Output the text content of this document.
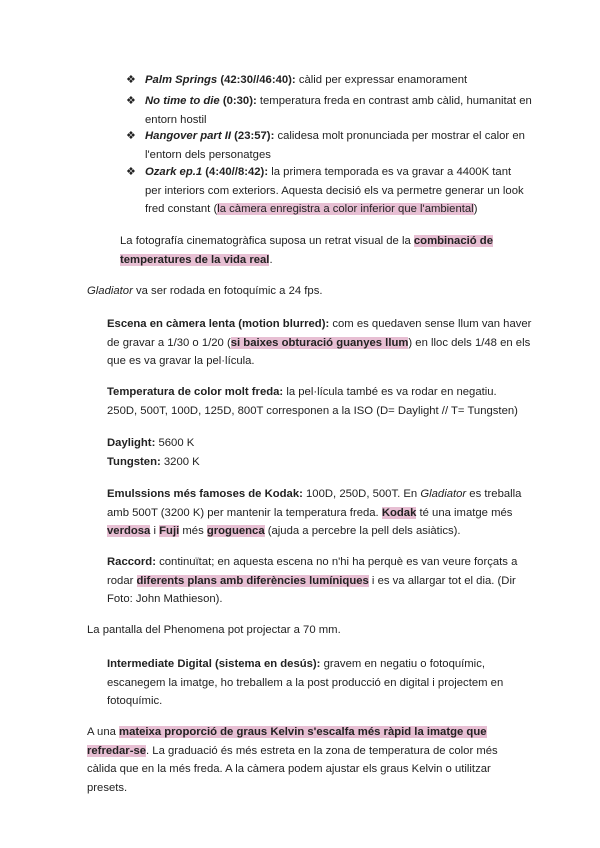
❖ Palm Springs (42:30//46:40): càlid per expressar enamorament
❖ No time to die (0:30): temperatura freda en contrast amb càlid, humanitat en entorn hostil
❖ Hangover part II (23:57): calidesa molt pronunciada per mostrar el calor en l'entorn dels personatges
❖ Ozark ep.1 (4:40//8:42): la primera temporada es va gravar a 4400K tant per interiors com exteriors. Aquesta decisió els va permetre generar un look fred constant (la càmera enregistra a color inferior que l'ambiental)
La fotografía cinematogràfica suposa un retrat visual de la combinació de temperatures de la vida real.
Gladiator va ser rodada en fotoquímic a 24 fps.
Escena en càmera lenta (motion blurred): com es quedaven sense llum van haver de gravar a 1/30 o 1/20 (si baixes obturació guanyes llum) en lloc dels 1/48 en els que es va gravar la pel·lícula.
Temperatura de color molt freda: la pel·lícula també es va rodar en negatiu.
250D, 500T, 100D, 125D, 800T corresponen a la ISO (D= Daylight // T= Tungsten)
Daylight: 5600 K
Tungsten: 3200 K
Emulssions més famoses de Kodak: 100D, 250D, 500T. En Gladiator es treballa amb 500T (3200 K) per mantenir la temperatura freda. Kodak té una imatge més verdosa i Fuji més groguenca (ajuda a percebre la pell dels asiàtics).
Raccord: continuïtat; en aquesta escena no n'hi ha perquè es van veure forçats a rodar diferents plans amb diferències lumíniques i es va allargar tot el dia. (Dir Foto: John Mathieson).
La pantalla del Phenomena pot projectar a 70 mm.
Intermediate Digital (sistema en desús): gravem en negatiu o fotoquímic, escanegem la imatge, ho treballem a la post producció en digital i projectem en fotoquímic.
A una mateixa proporció de graus Kelvin s'escalfa més ràpid la imatge que refredar-se. La graduació és més estreta en la zona de temperatura de color més càlida que en la més freda. A la càmera podem ajustar els graus Kelvin o utilitzar presets.
